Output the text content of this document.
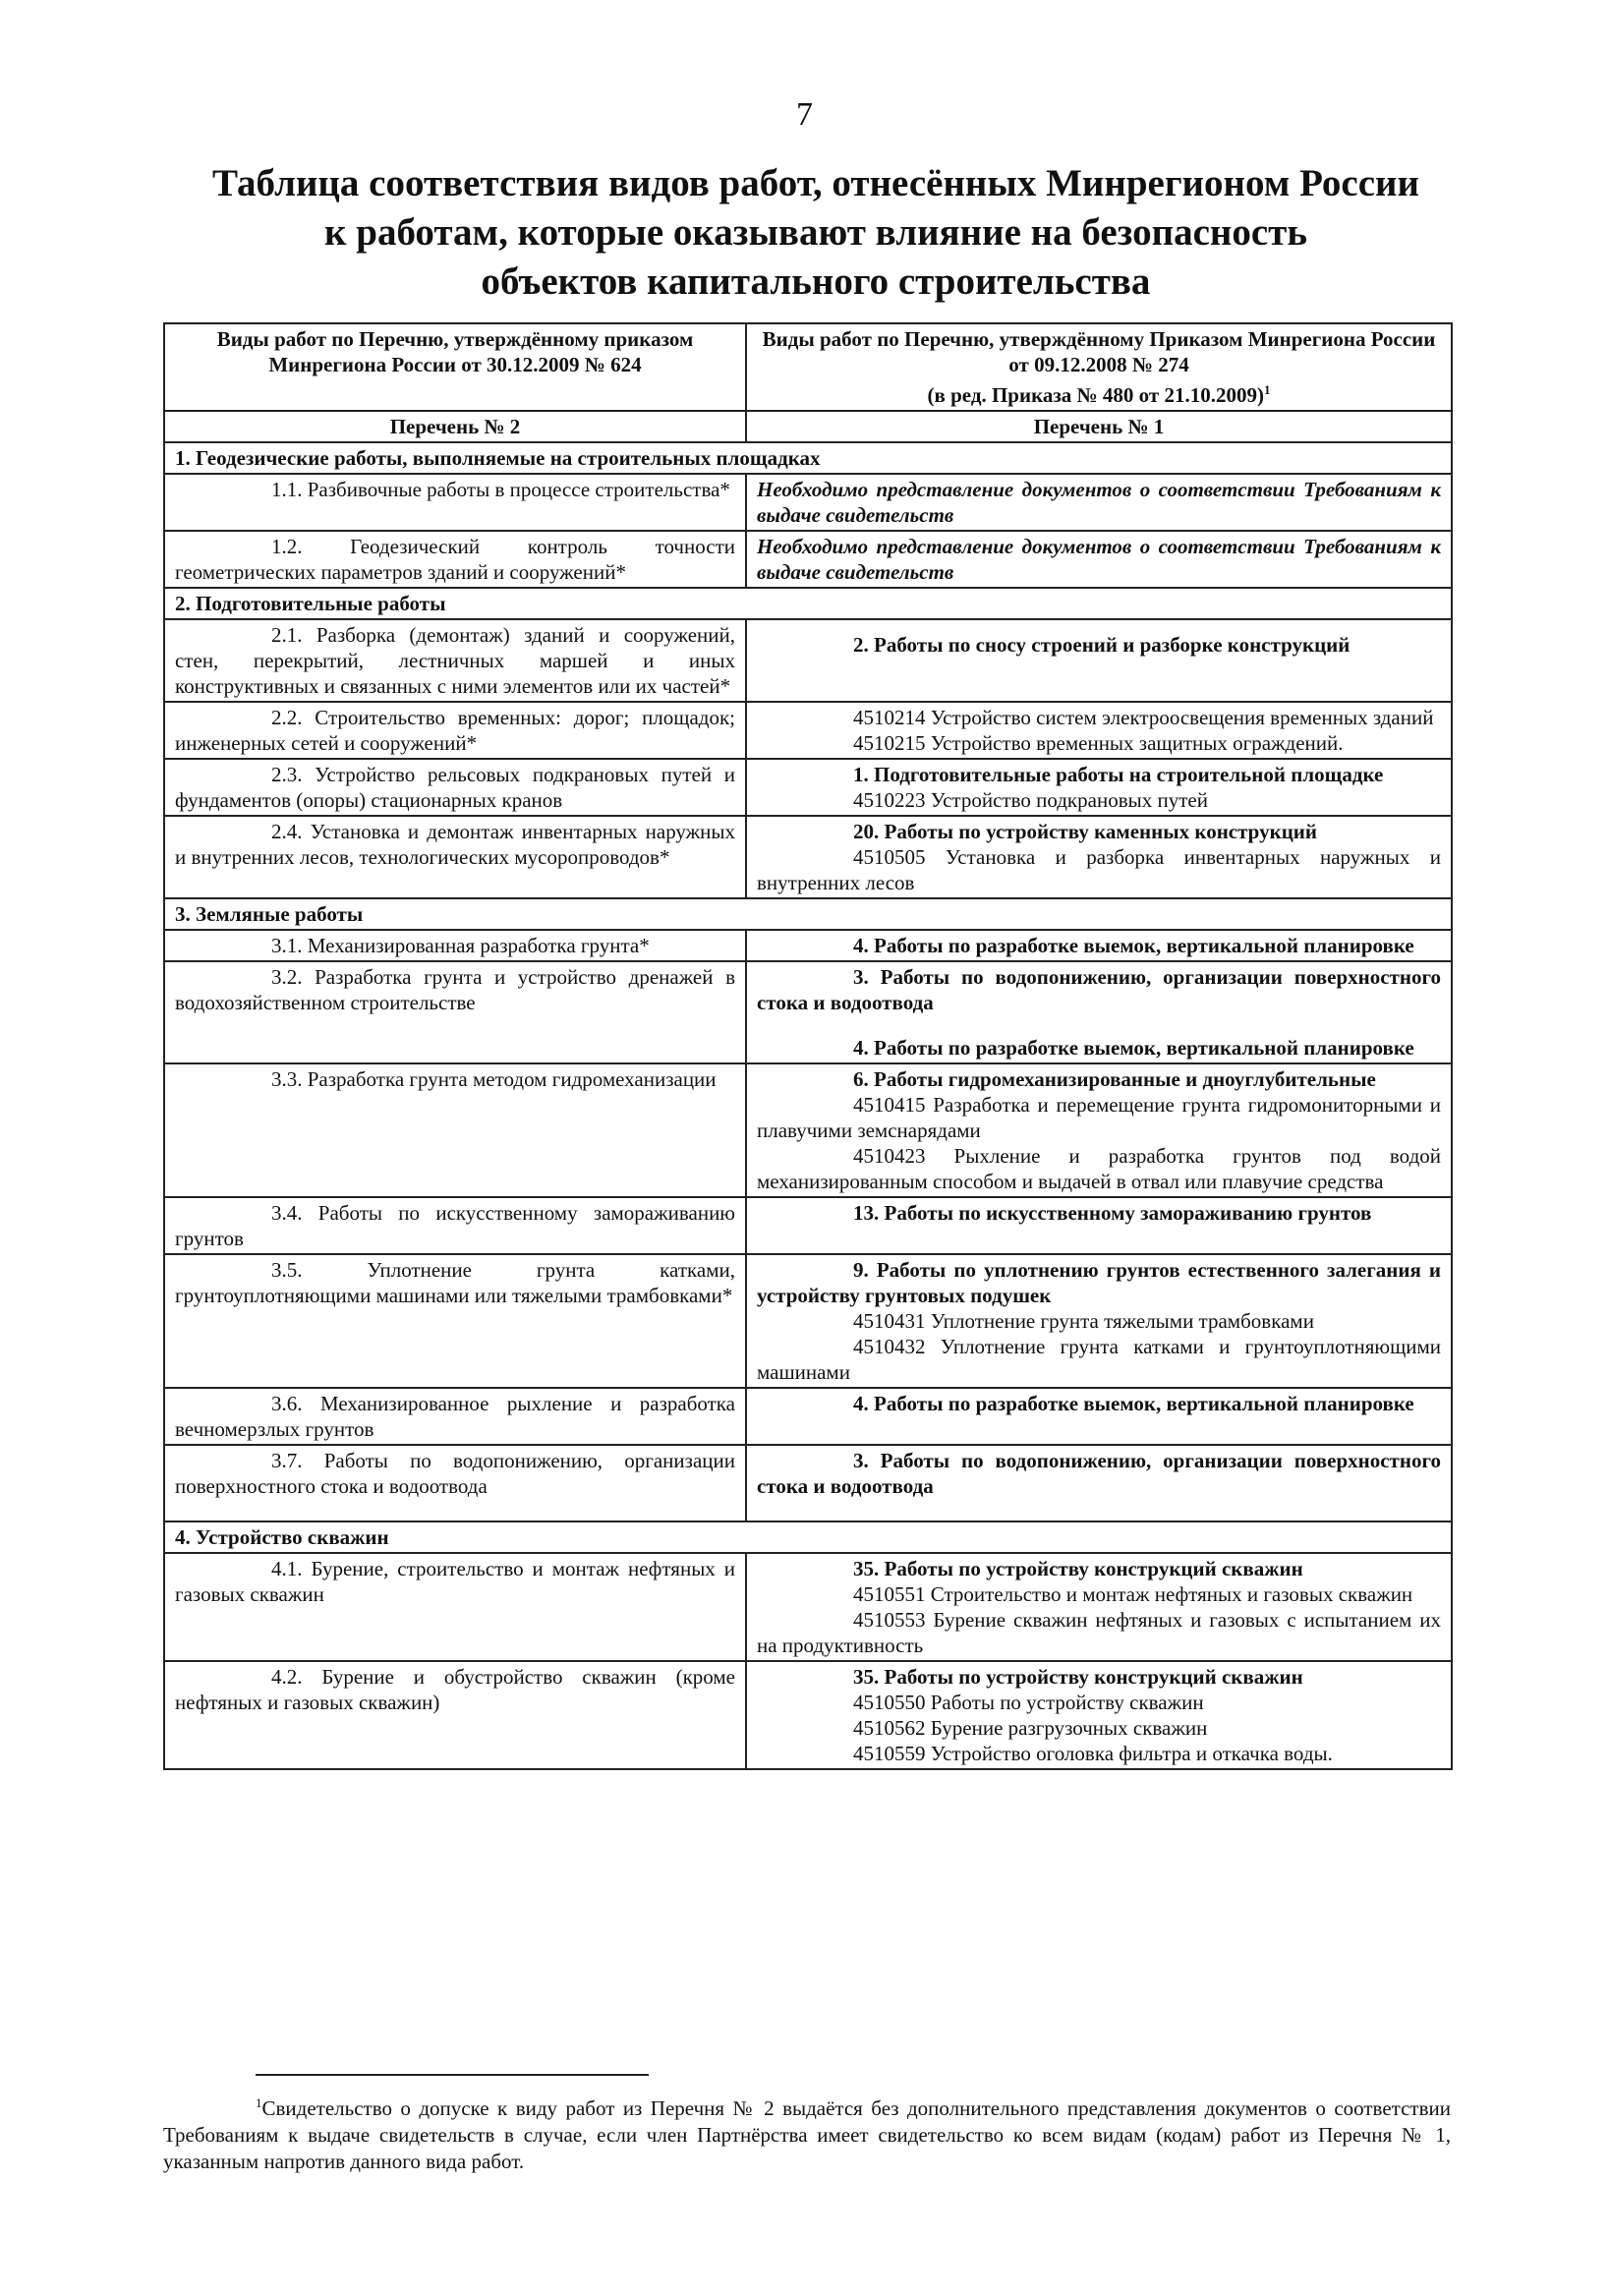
7
Таблица соответствия видов работ, отнесённых Минрегионом России
к работам, которые оказывают влияние на безопасность
объектов капитального строительства
Виды работ по Перечню, утверждённому приказом Минрегиона России от 30.12.2009 № 624	Виды работ по Перечню, утверждённому Приказом Минрегиона России от 09.12.2008 № 274
(в ред. Приказа № 480 от 21.10.2009)$^1$

Перечень № 2	Перечень № 1
1. Геодезические работы, выполняемые на строительных площадках	
1.1. Разбивочные работы в процессе строительства*	Необходимо представление документов о соответствии Требованиям к выдаче свидетельств
1.2. Геодезический контроль точности геометрических параметров зданий и сооружений*	Необходимо представление документов о соответствии Требованиям к выдаче свидетельств
2. Подготовительные работы	
2.1. Разборка (демонтаж) зданий и сооружений, стен, перекрытий, лестничных маршей и иных конструктивных и связанных с ними элементов или их частей*	2. Работы по сносу строений и разборке конструкций
2.2. Строительство временных: дорог; площадок; инженерных сетей и сооружений*	4510214 Устройство систем электроосвещения временных зданий
4510215 Устройство временных защитных ограждений.

2.3. Устройство рельсовых подкрановых путей и фундаментов (опоры) стационарных кранов	1. Подготовительные работы на строительной площадке
4510223 Устройство подкрановых путей

2.4. Установка и демонтаж инвентарных наружных и внутренних лесов, технологических мусоропроводов*	20. Работы по устройству каменных конструкций
4510505 Установка и разборка инвентарных наружных и внутренних лесов

3. Земляные работы	
3.1. Механизированная разработка грунта*	4. Работы по разработке выемок, вертикальной планировке
3.2. Разработка грунта и устройство дренажей в водохозяйственном строительстве	3. Работы по водопонижению, организации поверхностного стока и водоотвода
4. Работы по разработке выемок, вертикальной планировке

3.3. Разработка грунта методом гидромеханизации	6. Работы гидромеханизированные и дноуглубительные
4510415 Разработка и перемещение грунта гидромониторными и плавучими земснарядами
4510423 Рыхление и разработка грунтов под водой механизированным способом и выдачей в отвал или плавучие средства

3.4. Работы по искусственному замораживанию грунтов	13. Работы по искусственному замораживанию грунтов
3.5. Уплотнение грунта катками, грунтоуплотняющими машинами или тяжелыми трамбовками*	9. Работы по уплотнению грунтов естественного залегания и устройству грунтовых подушек
4510431 Уплотнение грунта тяжелыми трамбовками
4510432 Уплотнение грунта катками и грунтоуплотняющими машинами

3.6. Механизированное рыхление и разработка вечномерзлых грунтов	4. Работы по разработке выемок, вертикальной планировке
3.7. Работы по водопонижению, организации поверхностного стока и водоотвода	3. Работы по водопонижению, организации поверхностного стока и водоотвода
4. Устройство скважин	
4.1. Бурение, строительство и монтаж нефтяных и газовых скважин	35. Работы по устройству конструкций скважин
4510551 Строительство и монтаж нефтяных и газовых скважин
4510553 Бурение скважин нефтяных и газовых с испытанием их на продуктивность

4.2. Бурение и обустройство скважин (кроме нефтяных и газовых скважин)	35. Работы по устройству конструкций скважин
4510550 Работы по устройству скважин
4510562 Бурение разгрузочных скважин
4510559 Устройство оголовка фильтра и откачка воды.
$^1$Свидетельство о допуске к виду работ из Перечня № 2 выдаётся без дополнительного представления документов о соответствии Требованиям к выдаче свидетельств в случае, если член Партнёрства имеет свидетельство ко всем видам (кодам) работ из Перечня № 1, указанным напротив данного вида работ.
